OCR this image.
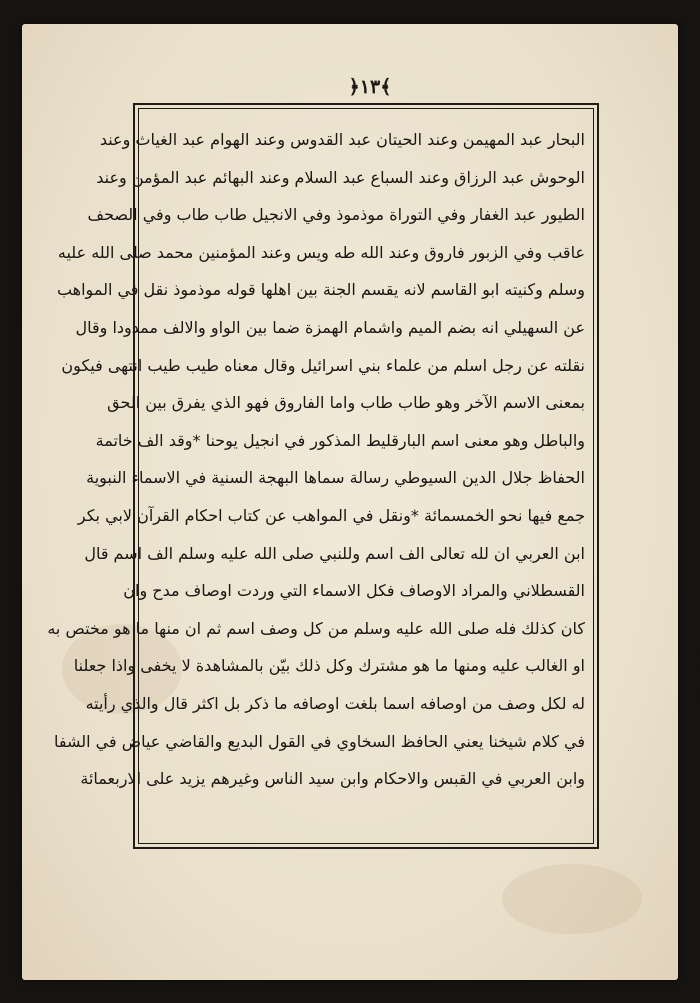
﴿۱۳﴾
البحار عبد المهيمن وعند الحيتان عبد القدوس وعند الهوام عبد الغياث وعند
الوحوش عبد الرزاق وعند السباع عبد السلام وعند البهائم عبد المؤمن وعند
الطيور عبد الغفار وفي التوراة موذموذ وفي الانجيل طاب طاب وفي الصحف
عاقب وفي الزبور فاروق وعند الله طه ويس وعند المؤمنين محمد صلى الله عليه
وسلم وكنيته ابو القاسم لانه يقسم الجنة بين اهلها قوله موذموذ نقل في المواهب
عن السهيلي انه بضم الميم واشمام الهمزة ضما بين الواو والالف ممدودا وقال
نقلته عن رجل اسلم من علماء بني اسرائيل وقال معناه طيب طيب انتهى فيكون
بمعنى الاسم الآخر وهو طاب طاب واما الفاروق فهو الذي يفرق بين الحق
والباطل وهو معنى اسم البارقليط المذكور في انجيل يوحنا *وقد الف خاتمة
الحفاظ جلال الدين السيوطي رسالة سماها البهجة السنية في الاسماء النبوية
جمع فيها نحو الخمسمائة *ونقل في المواهب عن كتاب احكام القرآن لابي بكر
ابن العربي ان لله تعالى الف اسم وللنبي صلى الله عليه وسلم الف اسم قال
القسطلاني والمراد الاوصاف فكل الاسماء التي وردت اوصاف مدح وان
كان كذلك فله صلى الله عليه وسلم من كل وصف اسم ثم ان منها ما هو مختص به
او الغالب عليه ومنها ما هو مشترك وكل ذلك بيّن بالمشاهدة لا يخفى واذا جعلنا
له لكل وصف من اوصافه اسما بلغت اوصافه ما ذكر بل اكثر قال والذي رأيته
في كلام شيخنا يعني الحافظ السخاوي في القول البديع والقاضي عياض في الشفا
وابن العربي في القبس والاحكام وابن سيد الناس وغيرهم يزيد على الاربعمائة
